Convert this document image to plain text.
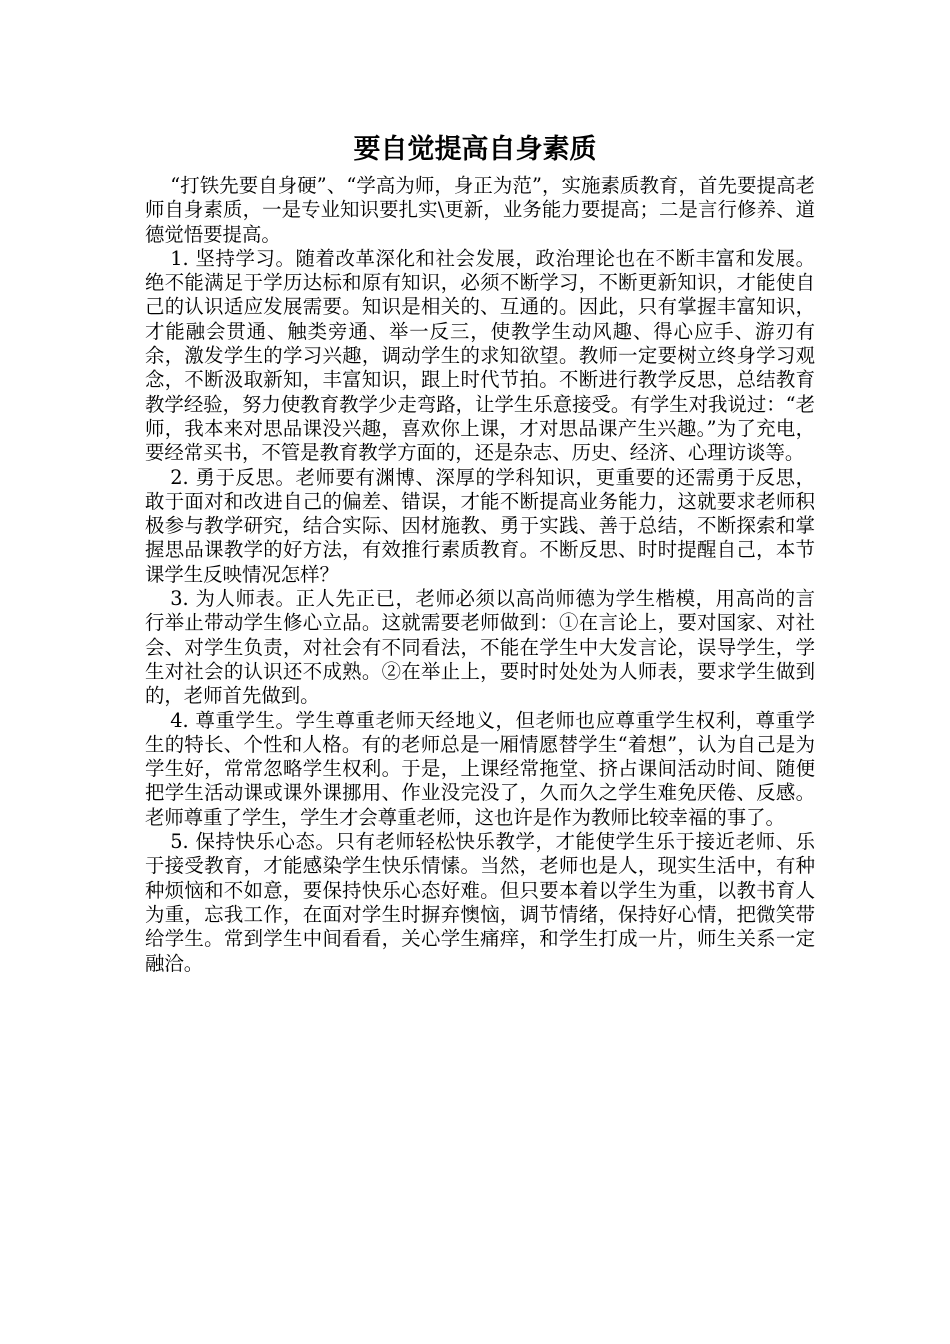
要自觉提高自身素质

“打铁先要自身硬”、“学高为师，身正为范”，实施素质教育，首先要提高老师自身素质，一是专业知识要扎实\更新，业务能力要提高；二是言行修养、道德觉悟要提高。

1. 坚持学习。随着改革深化和社会发展，政治理论也在不断丰富和发展。绝不能满足于学历达标和原有知识，必须不断学习，不断更新知识，才能使自己的认识适应发展需要。知识是相关的、互通的。因此，只有掌握丰富知识，才能融会贯通、触类旁通、举一反三，使教学生动风趣、得心应手、游刃有余，激发学生的学习兴趣，调动学生的求知欲望。教师一定要树立终身学习观念，不断汲取新知，丰富知识，跟上时代节拍。不断进行教学反思，总结教育教学经验，努力使教育教学少走弯路，让学生乐意接受。有学生对我说过：“老师，我本来对思品课没兴趣，喜欢你上课，才对思品课产生兴趣。”为了充电，要经常买书，不管是教育教学方面的，还是杂志、历史、经济、心理访谈等。

2. 勇于反思。老师要有渊博、深厚的学科知识，更重要的还需勇于反思，敢于面对和改进自己的偏差、错误，才能不断提高业务能力，这就要求老师积极参与教学研究，结合实际、因材施教、勇于实践、善于总结，不断探索和掌握思品课教学的好方法，有效推行素质教育。不断反思、时时提醒自己，本节课学生反映情况怎样？

3. 为人师表。正人先正已，老师必须以高尚师德为学生楷模，用高尚的言行举止带动学生修心立品。这就需要老师做到：①在言论上，要对国家、对社会、对学生负责，对社会有不同看法，不能在学生中大发言论，误导学生，学生对社会的认识还不成熟。②在举止上，要时时处处为人师表，要求学生做到的，老师首先做到。

4. 尊重学生。学生尊重老师天经地义，但老师也应尊重学生权利，尊重学生的特长、个性和人格。有的老师总是一厢情愿替学生“着想”，认为自己是为学生好，常常忽略学生权利。于是，上课经常拖堂、挤占课间活动时间、随便把学生活动课或课外课挪用、作业没完没了，久而久之学生难免厌倦、反感。老师尊重了学生，学生才会尊重老师，这也许是作为教师比较幸福的事了。

5. 保持快乐心态。只有老师轻松快乐教学，才能使学生乐于接近老师、乐于接受教育，才能感染学生快乐情愫。当然，老师也是人，现实生活中，有种种烦恼和不如意，要保持快乐心态好难。但只要本着以学生为重，以教书育人为重，忘我工作，在面对学生时摒弃懊恼，调节情绪，保持好心情，把微笑带给学生。常到学生中间看看，关心学生痛痒，和学生打成一片，师生关系一定融洽。
